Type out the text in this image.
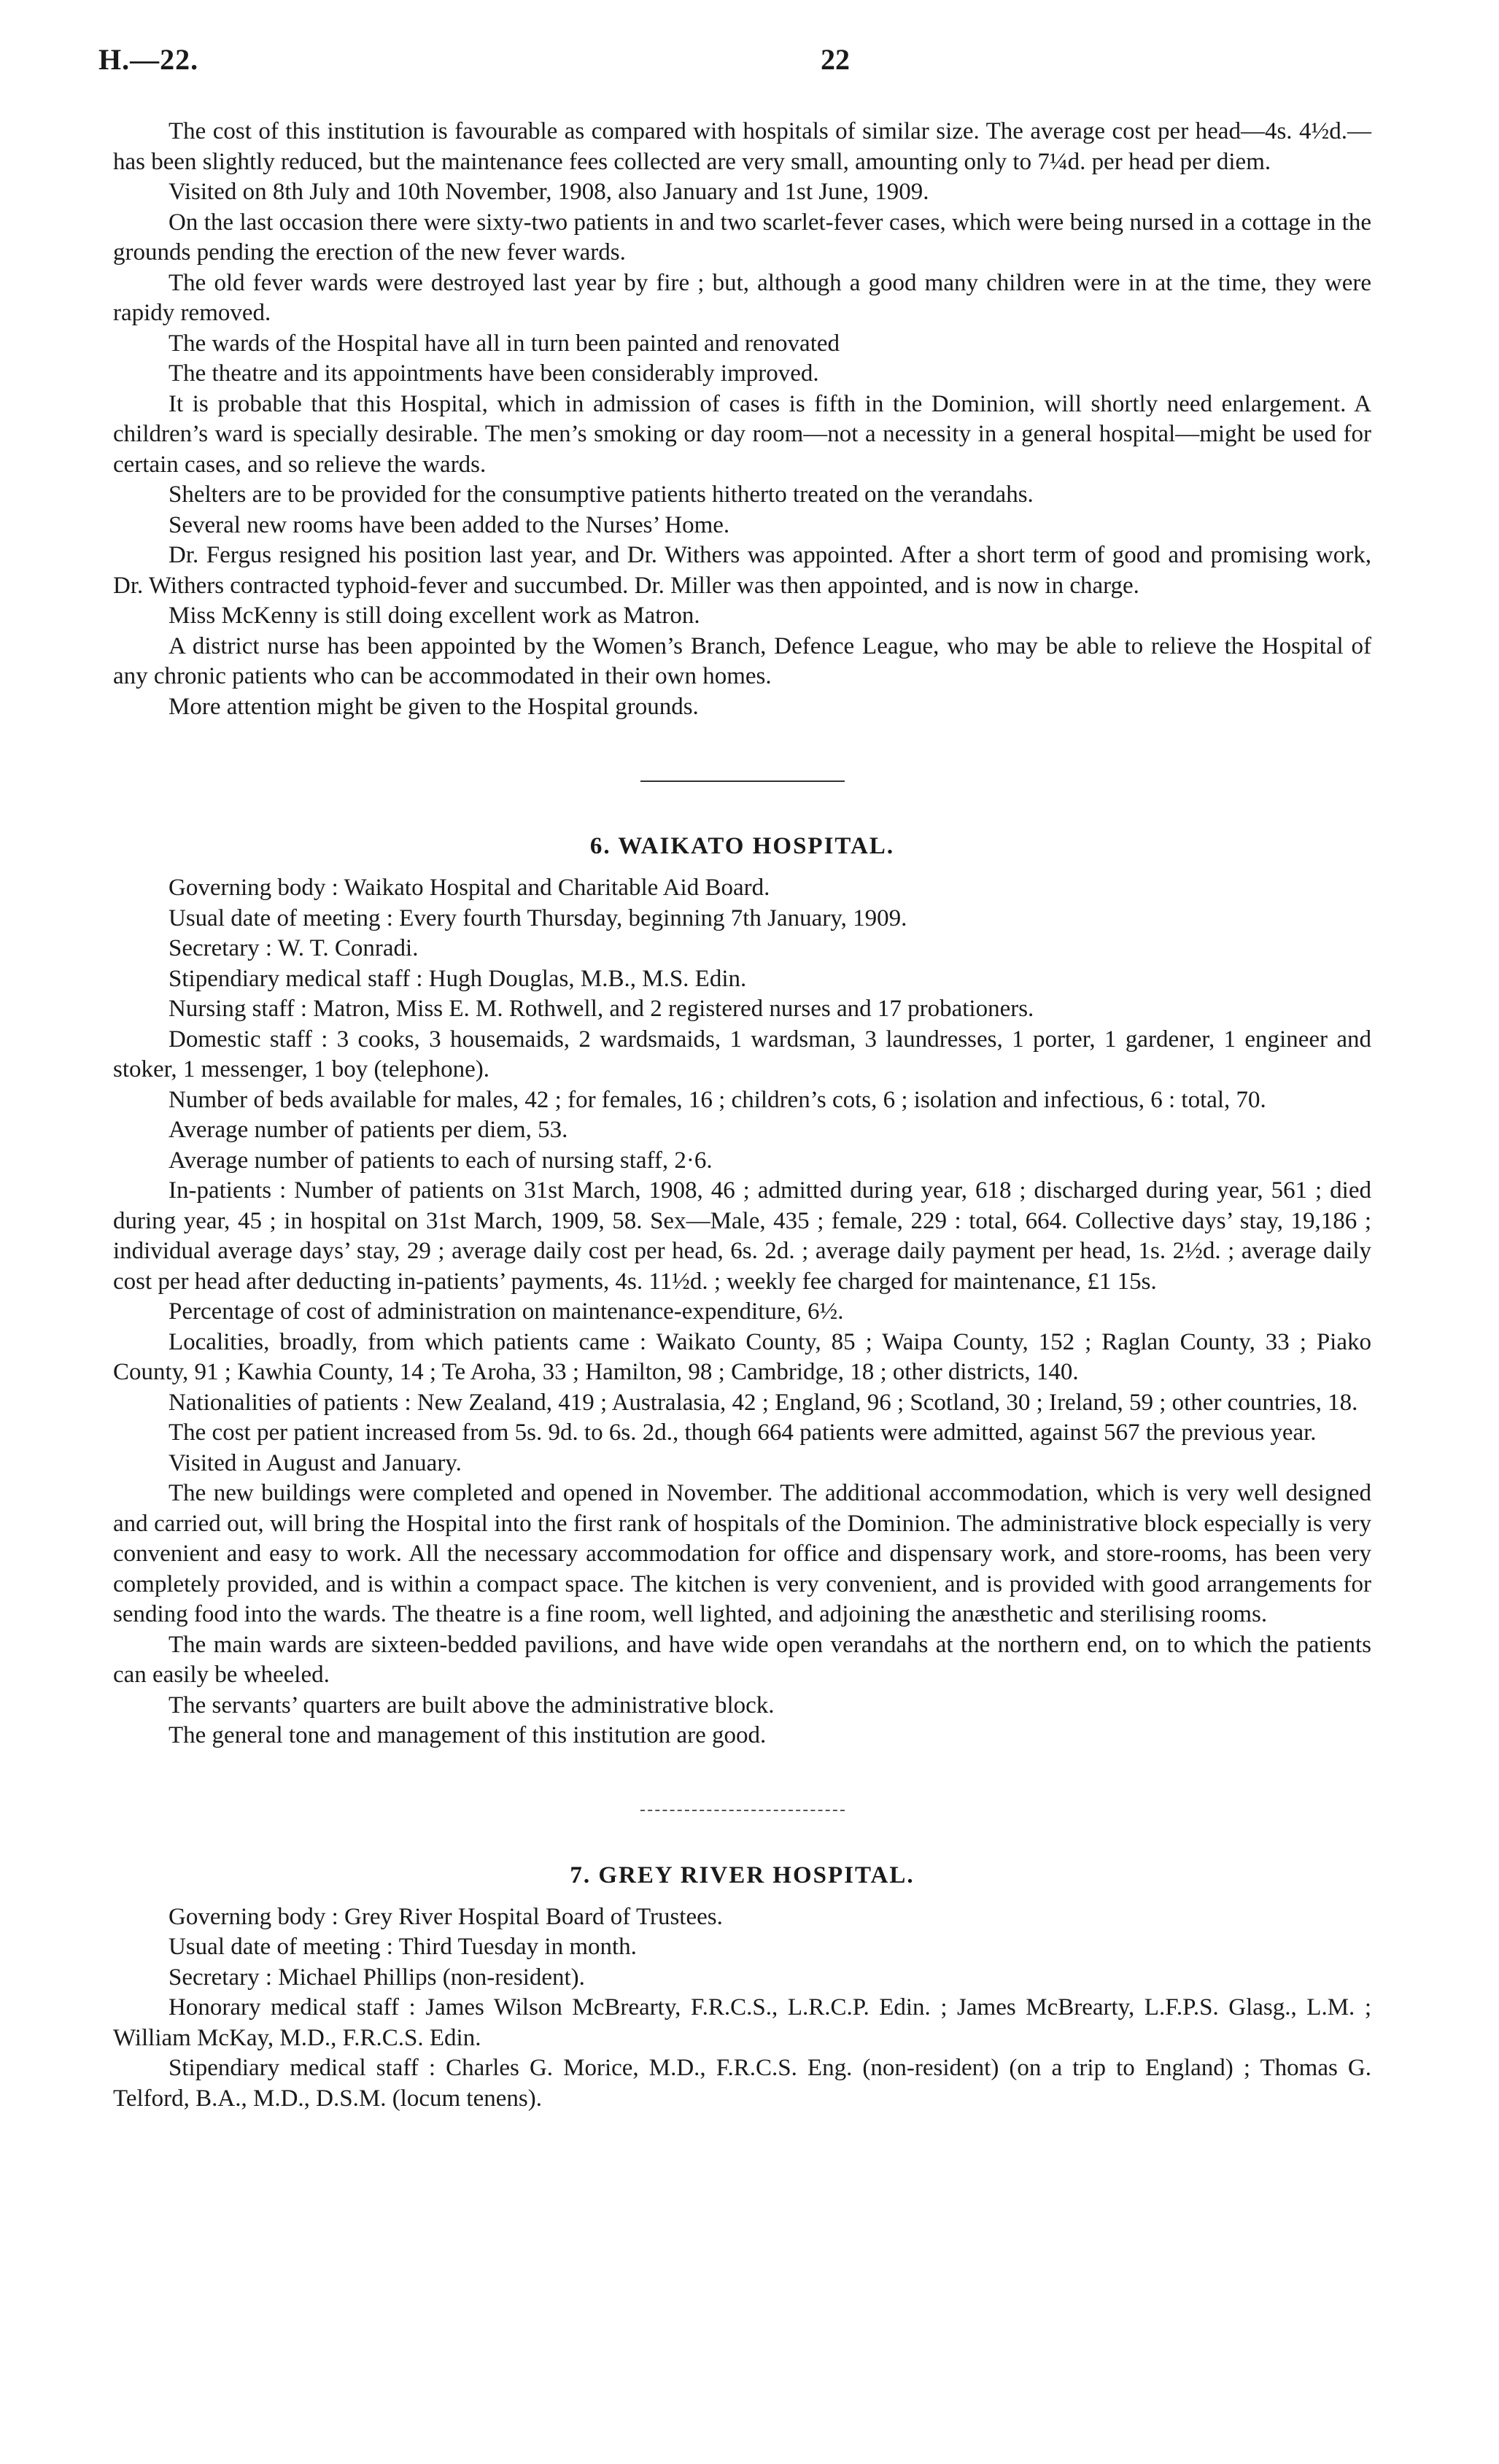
H.—22.	22

The cost of this institution is favourable as compared with hospitals of similar size. The average cost per head—4s. 4½d.—has been slightly reduced, but the maintenance fees collected are very small, amounting only to 7¼d. per head per diem.

Visited on 8th July and 10th November, 1908, also January and 1st June, 1909.

On the last occasion there were sixty-two patients in and two scarlet-fever cases, which were being nursed in a cottage in the grounds pending the erection of the new fever wards.

The old fever wards were destroyed last year by fire ; but, although a good many children were in at the time, they were rapidy removed.

The wards of the Hospital have all in turn been painted and renovated

The theatre and its appointments have been considerably improved.

It is probable that this Hospital, which in admission of cases is fifth in the Dominion, will shortly need enlargement. A children’s ward is specially desirable. The men’s smoking or day room—not a necessity in a general hospital—might be used for certain cases, and so relieve the wards.

Shelters are to be provided for the consumptive patients hitherto treated on the verandahs.

Several new rooms have been added to the Nurses’ Home.

Dr. Fergus resigned his position last year, and Dr. Withers was appointed. After a short term of good and promising work, Dr. Withers contracted typhoid-fever and succumbed. Dr. Miller was then appointed, and is now in charge.

Miss McKenny is still doing excellent work as Matron.

A district nurse has been appointed by the Women’s Branch, Defence League, who may be able to relieve the Hospital of any chronic patients who can be accommodated in their own homes.

More attention might be given to the Hospital grounds.

6. WAIKATO HOSPITAL.

Governing body : Waikato Hospital and Charitable Aid Board.

Usual date of meeting : Every fourth Thursday, beginning 7th January, 1909.

Secretary : W. T. Conradi.

Stipendiary medical staff : Hugh Douglas, M.B., M.S. Edin.

Nursing staff : Matron, Miss E. M. Rothwell, and 2 registered nurses and 17 probationers.

Domestic staff : 3 cooks, 3 housemaids, 2 wardsmaids, 1 wardsman, 3 laundresses, 1 porter, 1 gardener, 1 engineer and stoker, 1 messenger, 1 boy (telephone).

Number of beds available for males, 42 ; for females, 16 ; children’s cots, 6 ; isolation and infectious, 6 : total, 70.

Average number of patients per diem, 53.

Average number of patients to each of nursing staff, 2·6.

In-patients : Number of patients on 31st March, 1908, 46 ; admitted during year, 618 ; discharged during year, 561 ; died during year, 45 ; in hospital on 31st March, 1909, 58. Sex—Male, 435 ; female, 229 : total, 664. Collective days’ stay, 19,186 ; individual average days’ stay, 29 ; average daily cost per head, 6s. 2d. ; average daily payment per head, 1s. 2½d. ; average daily cost per head after deducting in-patients’ payments, 4s. 11½d. ; weekly fee charged for maintenance, £1 15s.

Percentage of cost of administration on maintenance-expenditure, 6½.

Localities, broadly, from which patients came : Waikato County, 85 ; Waipa County, 152 ; Raglan County, 33 ; Piako County, 91 ; Kawhia County, 14 ; Te Aroha, 33 ; Hamilton, 98 ; Cambridge, 18 ; other districts, 140.

Nationalities of patients : New Zealand, 419 ; Australasia, 42 ; England, 96 ; Scotland, 30 ; Ireland, 59 ; other countries, 18.

The cost per patient increased from 5s. 9d. to 6s. 2d., though 664 patients were admitted, against 567 the previous year.

Visited in August and January.

The new buildings were completed and opened in November. The additional accommodation, which is very well designed and carried out, will bring the Hospital into the first rank of hospitals of the Dominion. The administrative block especially is very convenient and easy to work. All the necessary accommodation for office and dispensary work, and store-rooms, has been very completely provided, and is within a compact space. The kitchen is very convenient, and is provided with good arrangements for sending food into the wards. The theatre is a fine room, well lighted, and adjoining the anæsthetic and sterilising rooms.

The main wards are sixteen-bedded pavilions, and have wide open verandahs at the northern end, on to which the patients can easily be wheeled.

The servants’ quarters are built above the administrative block.

The general tone and management of this institution are good.

7. GREY RIVER HOSPITAL.

Governing body : Grey River Hospital Board of Trustees.

Usual date of meeting : Third Tuesday in month.

Secretary : Michael Phillips (non-resident).

Honorary medical staff : James Wilson McBrearty, F.R.C.S., L.R.C.P. Edin. ; James McBrearty, L.F.P.S. Glasg., L.M. ; William McKay, M.D., F.R.C.S. Edin.

Stipendiary medical staff : Charles G. Morice, M.D., F.R.C.S. Eng. (non-resident) (on a trip to England) ; Thomas G. Telford, B.A., M.D., D.S.M. (locum tenens).
